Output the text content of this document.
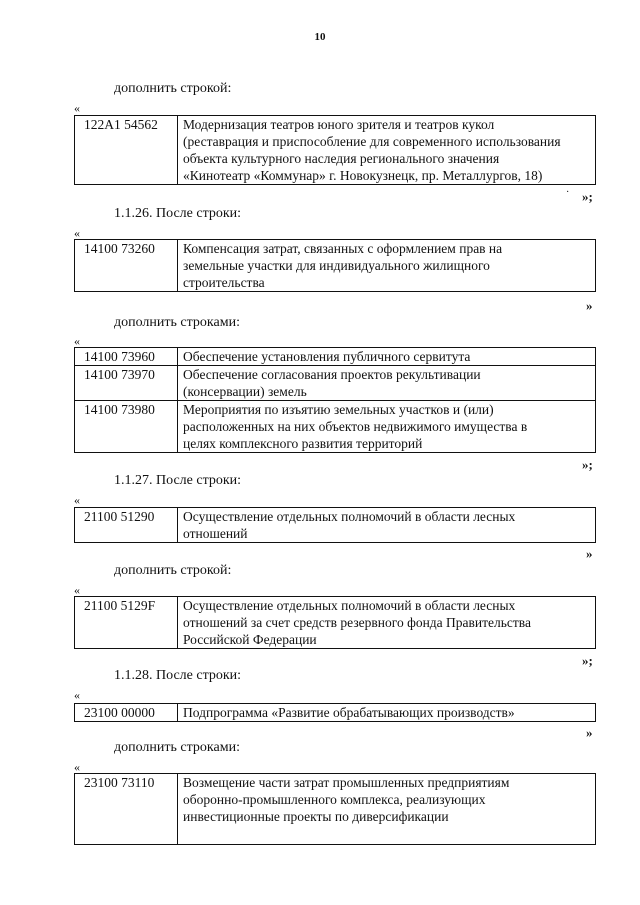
10
дополнить строкой:
«
122A1 54562	Модернизация театров юного зрителя и театров кукол
(реставрация и приспособление для современного использования
объекта культурного наследия регионального значения
«Кинотеатр «Коммунар» г. Новокузнецк, пр. Металлургов, 18)
· »;
1.1.26. После строки:
«
14100 73260	Компенсация затрат, связанных с оформлением прав на
земельные участки для индивидуального жилищного
строительства
»
дополнить строками:
«
14100 73960	Обеспечение установления публичного сервитута

14100 73970	Обеспечение согласования проектов рекультивации
(консервации) земель

14100 73980	Мероприятия по изъятию земельных участков и (или)
расположенных на них объектов недвижимого имущества в
целях комплексного развития территорий
»;
1.1.27. После строки:
«
21100 51290	Осуществление отдельных полномочий в области лесных
отношений
»
дополнить строкой:
«
21100 5129F	Осуществление отдельных полномочий в области лесных
отношений за счет средств резервного фонда Правительства
Российской Федерации
»;
1.1.28. После строки:
«
23100 00000	Подпрограмма «Развитие обрабатывающих производств»
»
дополнить строками:
«
23100 73110	Возмещение части затрат промышленных предприятиям
оборонно-промышленного комплекса, реализующих
инвестиционные проекты по диверсификации
